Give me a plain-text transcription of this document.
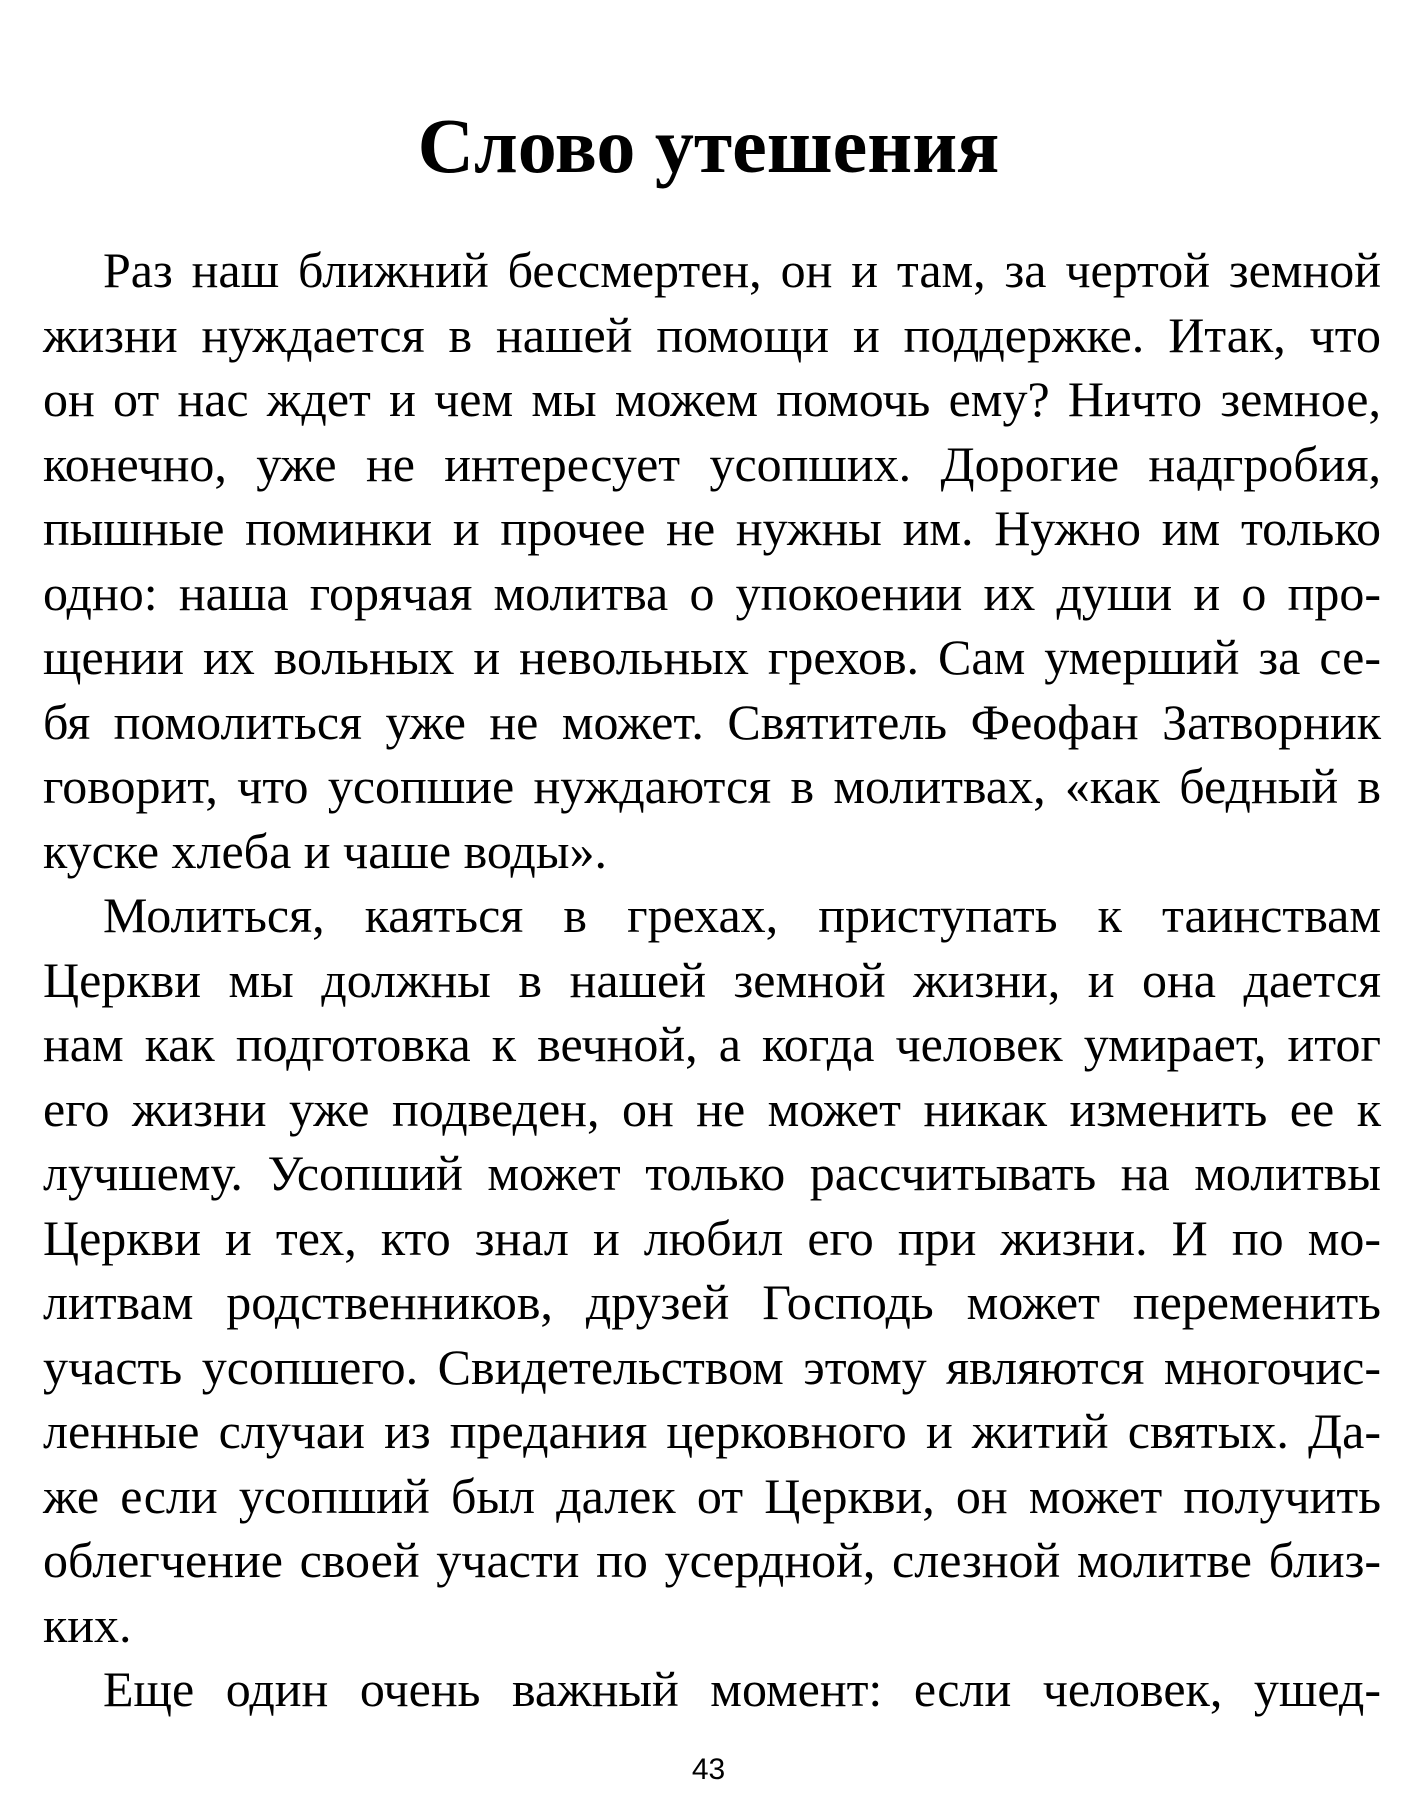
Слово утешения
Раз наш ближний бессмертен, он и там, за чертой земной
жизни нуждается в нашей помощи и поддержке. Итак, что
он от нас ждет и чем мы можем помочь ему? Ничто земное,
конечно, уже не интересует усопших. Дорогие надгробия,
пышные поминки и прочее не нужны им. Нужно им только
одно: наша горячая молитва о упокоении их души и о про-
щении их вольных и невольных грехов. Сам умерший за се-
бя помолиться уже не может. Святитель Феофан Затворник
говорит, что усопшие нуждаются в молитвах, «как бедный в
куске хлеба и чаше воды».
Молиться, каяться в грехах, приступать к таинствам
Церкви мы должны в нашей земной жизни, и она дается
нам как подготовка к вечной, а когда человек умирает, итог
его жизни уже подведен, он не может никак изменить ее к
лучшему. Усопший может только рассчитывать на молитвы
Церкви и тех, кто знал и любил его при жизни. И по мо-
литвам родственников, друзей Господь может переменить
участь усопшего. Свидетельством этому являются многочис-
ленные случаи из предания церковного и житий святых. Да-
же если усопший был далек от Церкви, он может получить
облегчение своей участи по усердной, слезной молитве близ-
ких.
Еще один очень важный момент: если человек, ушед-
43
